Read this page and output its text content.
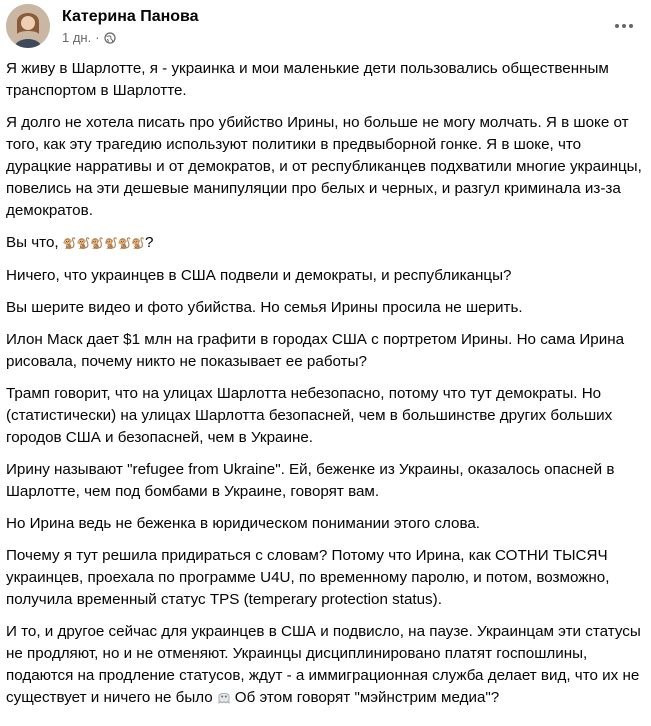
Катерина Панова
1 дн. ·

Я живу в Шарлотте, я - украинка и мои маленькие дети пользовались общественным транспортом в Шарлотте.

Я долго не хотела писать про убийство Ирины, но больше не могу молчать. Я в шоке от того, как эту трагедию используют политики в предвыборной гонке. Я в шоке, что дурацкие нарративы и от демократов, и от республиканцев подхватили многие украинцы, повелись на эти дешевые манипуляции про белых и черных, и разгул криминала из-за демократов.

Вы что, 🐒🐒🐒🐒🐒🐒?

Ничего, что украинцев в США подвели и демократы, и республиканцы?

Вы шерите видео и фото убийства. Но семья Ирины просила не шерить.

Илон Маск дает $1 млн на графити в городах США с портретом Ирины. Но сама Ирина рисовала, почему никто не показывает ее работы?

Трамп говорит, что на улицах Шарлотта небезопасно, потому что тут демократы. Но (статистически) на улицах Шарлотта безопасней, чем в большинстве других больших городов США и безопасней, чем в Украине.

Ирину называют "refugee from Ukraine". Ей, беженке из Украины, оказалось опасней в Шарлотте, чем под бомбами в Украине, говорят вам.

Но Ирина ведь не беженка в юридическом понимании этого слова.

Почему я тут решила придираться с словам? Потому что Ирина, как СОТНИ ТЫСЯЧ украинцев, проехала по программе U4U, по временному паролю, и потом, возможно, получила временный статус TPS (temperary protection status).

И то, и другое сейчас для украинцев в США и подвисло, на паузе. Украинцам эти статусы не продляют, но и не отменяют. Украинцы дисциплинировано платят госпошлины, подаются на продление статусов, ждут - а иммиграционная служба делает вид, что их не существует и ничего не было Об этом говорят "мэйнстрим медиа"?
